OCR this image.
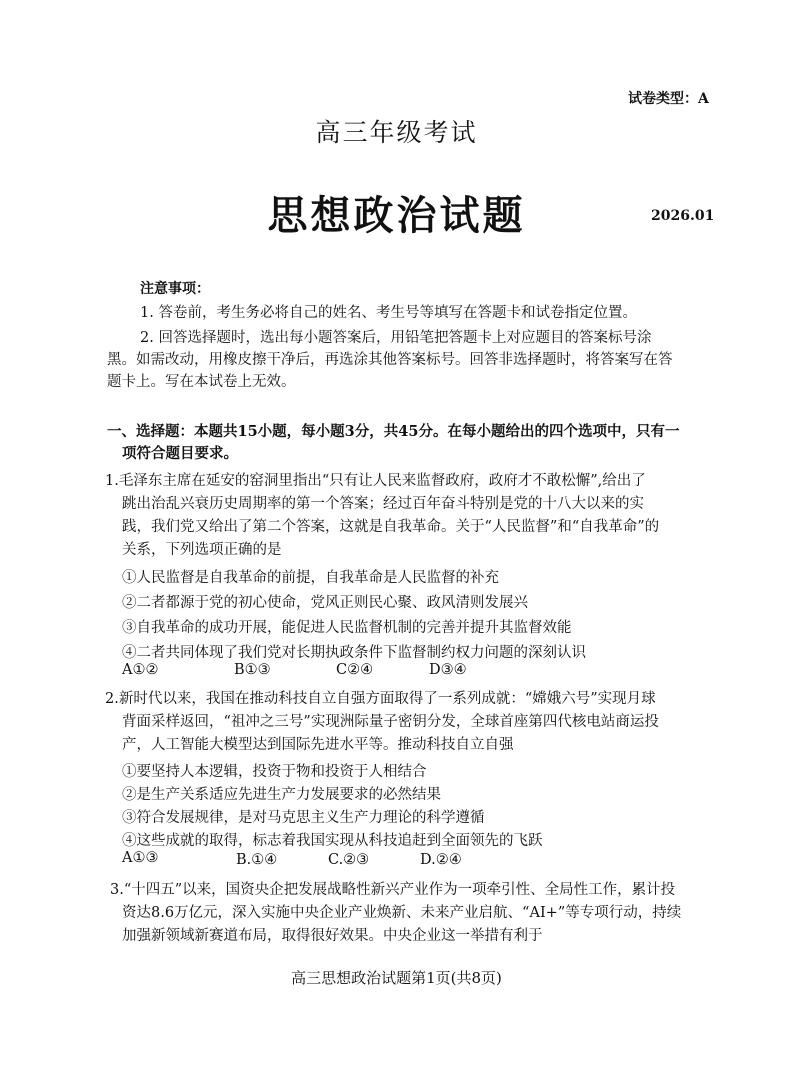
试卷类型：A
高三年级考试
思想政治试题	2026.01
注意事项：
1. 答卷前，考生务必将自己的姓名、考生号等填写在答题卡和试卷指定位置。
2. 回答选择题时，选出每小题答案后，用铅笔把答题卡上对应题目的答案标号涂
黑。如需改动，用橡皮擦干净后，再选涂其他答案标号。回答非选择题时，将答案写在答
题卡上。写在本试卷上无效。
一、选择题：本题共15小题，每小题3分，共45分。在每小题给出的四个选项中，只有一
项符合题目要求。
1.毛泽东主席在延安的窑洞里指出“只有让人民来监督政府，政府才不敢松懈”,给出了
跳出治乱兴衰历史周期率的第一个答案；经过百年奋斗特别是党的十八大以来的实
践，我们党又给出了第二个答案，这就是自我革命。关于“人民监督”和“自我革命”的
关系，下列选项正确的是
①人民监督是自我革命的前提，自我革命是人民监督的补充
②二者都源于党的初心使命，党风正则民心聚、政风清则发展兴
③自我革命的成功开展，能促进人民监督机制的完善并提升其监督效能
④二者共同体现了我们党对长期执政条件下监督制约权力问题的深刻认识
A①②	B①③	C②④	D③④
2.新时代以来，我国在推动科技自立自强方面取得了一系列成就：“嫦娥六号”实现月球
背面采样返回，“祖冲之三号”实现洲际量子密钥分发，全球首座第四代核电站商运投
产，人工智能大模型达到国际先进水平等。推动科技自立自强
①要坚持人本逻辑，投资于物和投资于人相结合
②是生产关系适应先进生产力发展要求的必然结果
③符合发展规律，是对马克思主义生产力理论的科学遵循
④这些成就的取得，标志着我国实现从科技追赶到全面领先的飞跃
A①③	B.①④	C.②③	D.②④
3.“十四五”以来，国资央企把发展战略性新兴产业作为一项牵引性、全局性工作，累计投
资达8.6万亿元，深入实施中央企业产业焕新、未来产业启航、“AI+”等专项行动，持续
加强新领域新赛道布局，取得很好效果。中央企业这一举措有利于
高三思想政治试题第1页(共8页)
